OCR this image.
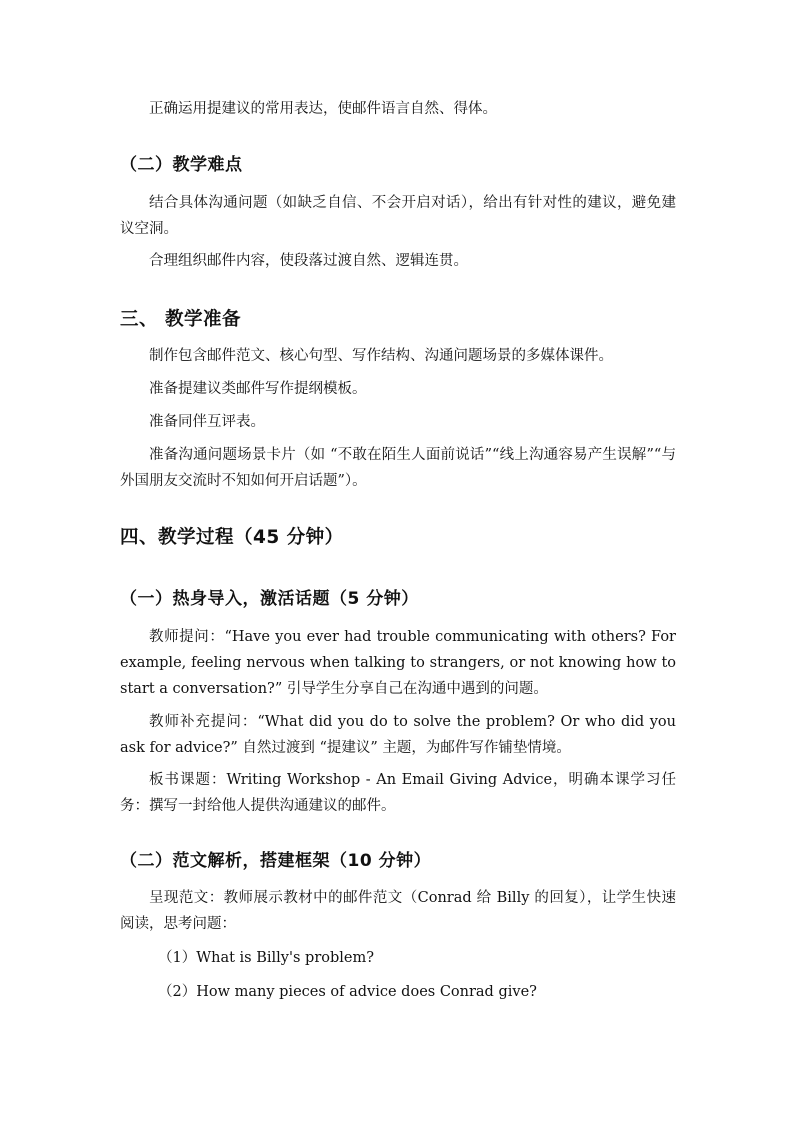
正确运用提建议的常用表达，使邮件语言自然、得体。

（二）教学难点

结合具体沟通问题（如缺乏自信、不会开启对话），给出有针对性的建议，避免建议空洞。

合理组织邮件内容，使段落过渡自然、逻辑连贯。

三、 教学准备

制作包含邮件范文、核心句型、写作结构、沟通问题场景的多媒体课件。

准备提建议类邮件写作提纲模板。

准备同伴互评表。

准备沟通问题场景卡片（如 “不敢在陌生人面前说话”“线上沟通容易产生误解”“与外国朋友交流时不知如何开启话题”）。

四、教学过程（45 分钟）
（一）热身导入，激活话题（5 分钟）

教师提问：“Have you ever had trouble communicating with others? For example, feeling nervous when talking to strangers, or not knowing how to start a conversation?” 引导学生分享自己在沟通中遇到的问题。

教师补充提问：“What did you do to solve the problem? Or who did you ask for advice?” 自然过渡到 “提建议” 主题，为邮件写作铺垫情境。

板书课题：Writing Workshop - An Email Giving Advice，明确本课学习任务：撰写一封给他人提供沟通建议的邮件。

（二）范文解析，搭建框架（10 分钟）

呈现范文：教师展示教材中的邮件范文（Conrad 给 Billy 的回复），让学生快速阅读，思考问题：

（1）What is Billy's problem?

（2）How many pieces of advice does Conrad give?
